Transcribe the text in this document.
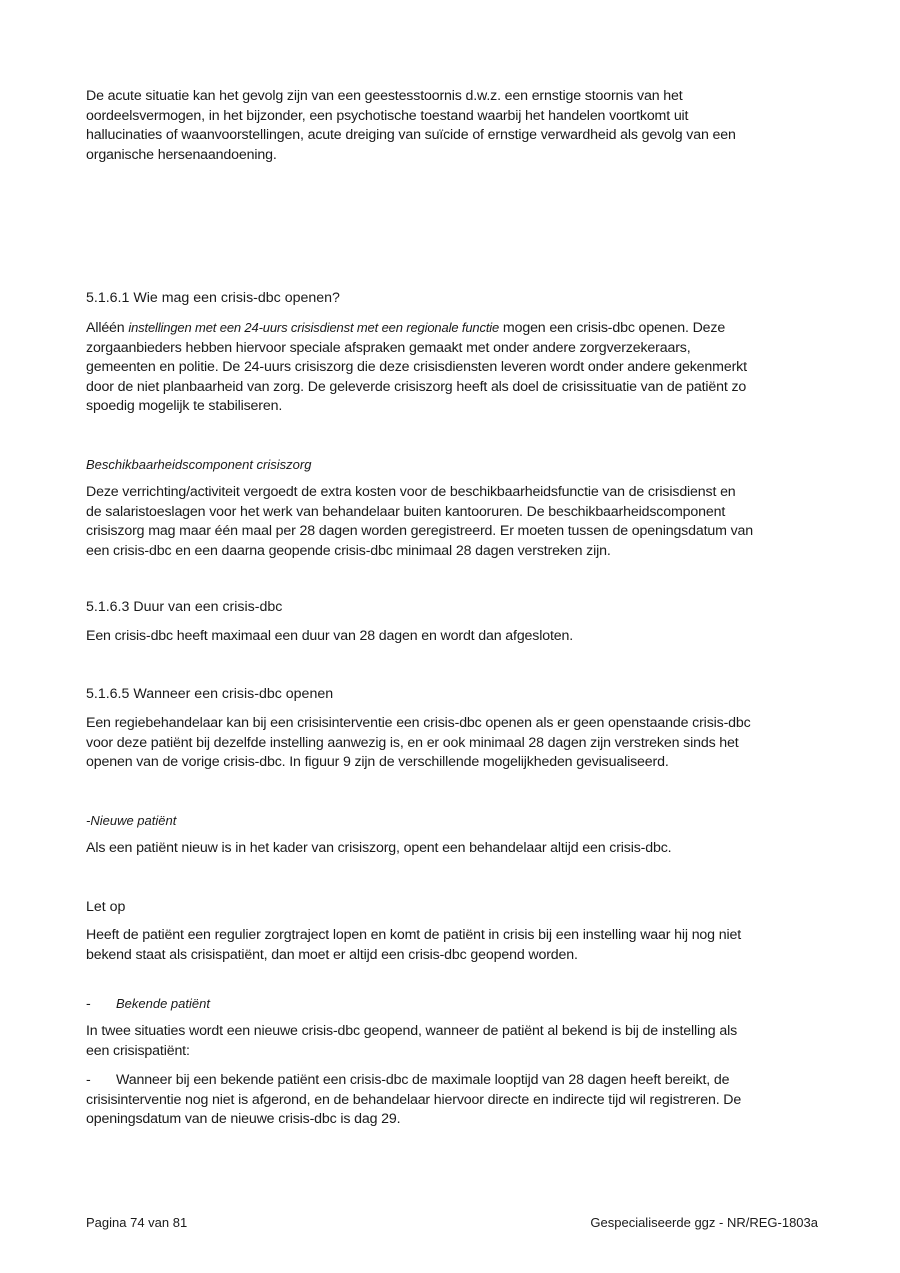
De acute situatie kan het gevolg zijn van een geestesstoornis d.w.z. een ernstige stoornis van het
oordeelsvermogen, in het bijzonder, een psychotische toestand waarbij het handelen voortkomt uit
hallucinaties of waanvoorstellingen, acute dreiging van suïcide of ernstige verwardheid als gevolg van een
organische hersenaandoening.
5.1.6.1 Wie mag een crisis-dbc openen?
Alléén instellingen met een 24-uurs crisisdienst met een regionale functie mogen een crisis-dbc openen. Deze
zorgaanbieders hebben hiervoor speciale afspraken gemaakt met onder andere zorgverzekeraars,
gemeenten en politie. De 24-uurs crisiszorg die deze crisisdiensten leveren wordt onder andere gekenmerkt
door de niet planbaarheid van zorg. De geleverde crisiszorg heeft als doel de crisissituatie van de patiënt zo
spoedig mogelijk te stabiliseren.
Beschikbaarheidscomponent crisiszorg
Deze verrichting/activiteit vergoedt de extra kosten voor de beschikbaarheidsfunctie van de crisisdienst en
de salaristoeslagen voor het werk van behandelaar buiten kantooruren. De beschikbaarheidscomponent
crisiszorg mag maar één maal per 28 dagen worden geregistreerd. Er moeten tussen de openingsdatum van
een crisis-dbc en een daarna geopende crisis-dbc minimaal 28 dagen verstreken zijn.
5.1.6.3 Duur van een crisis-dbc
Een crisis-dbc heeft maximaal een duur van 28 dagen en wordt dan afgesloten.
5.1.6.5 Wanneer een crisis-dbc openen
Een regiebehandelaar kan bij een crisisinterventie een crisis-dbc openen als er geen openstaande crisis-dbc
voor deze patiënt bij dezelfde instelling aanwezig is, en er ook minimaal 28 dagen zijn verstreken sinds het
openen van de vorige crisis-dbc. In figuur 9 zijn de verschillende mogelijkheden gevisualiseerd.
-Nieuwe patiënt
Als een patiënt nieuw is in het kader van crisiszorg, opent een behandelaar altijd een crisis-dbc.
Let op
Heeft de patiënt een regulier zorgtraject lopen en komt de patiënt in crisis bij een instelling waar hij nog niet
bekend staat als crisispatiënt, dan moet er altijd een crisis-dbc geopend worden.
- Bekende patiënt
In twee situaties wordt een nieuwe crisis-dbc geopend, wanneer de patiënt al bekend is bij de instelling als
een crisispatiënt:
- Wanneer bij een bekende patiënt een crisis-dbc de maximale looptijd van 28 dagen heeft bereikt, de
crisisinterventie nog niet is afgerond, en de behandelaar hiervoor directe en indirecte tijd wil registreren. De
openingsdatum van de nieuwe crisis-dbc is dag 29.
Pagina 74 van 81	Gespecialiseerde ggz - NR/REG-1803a
